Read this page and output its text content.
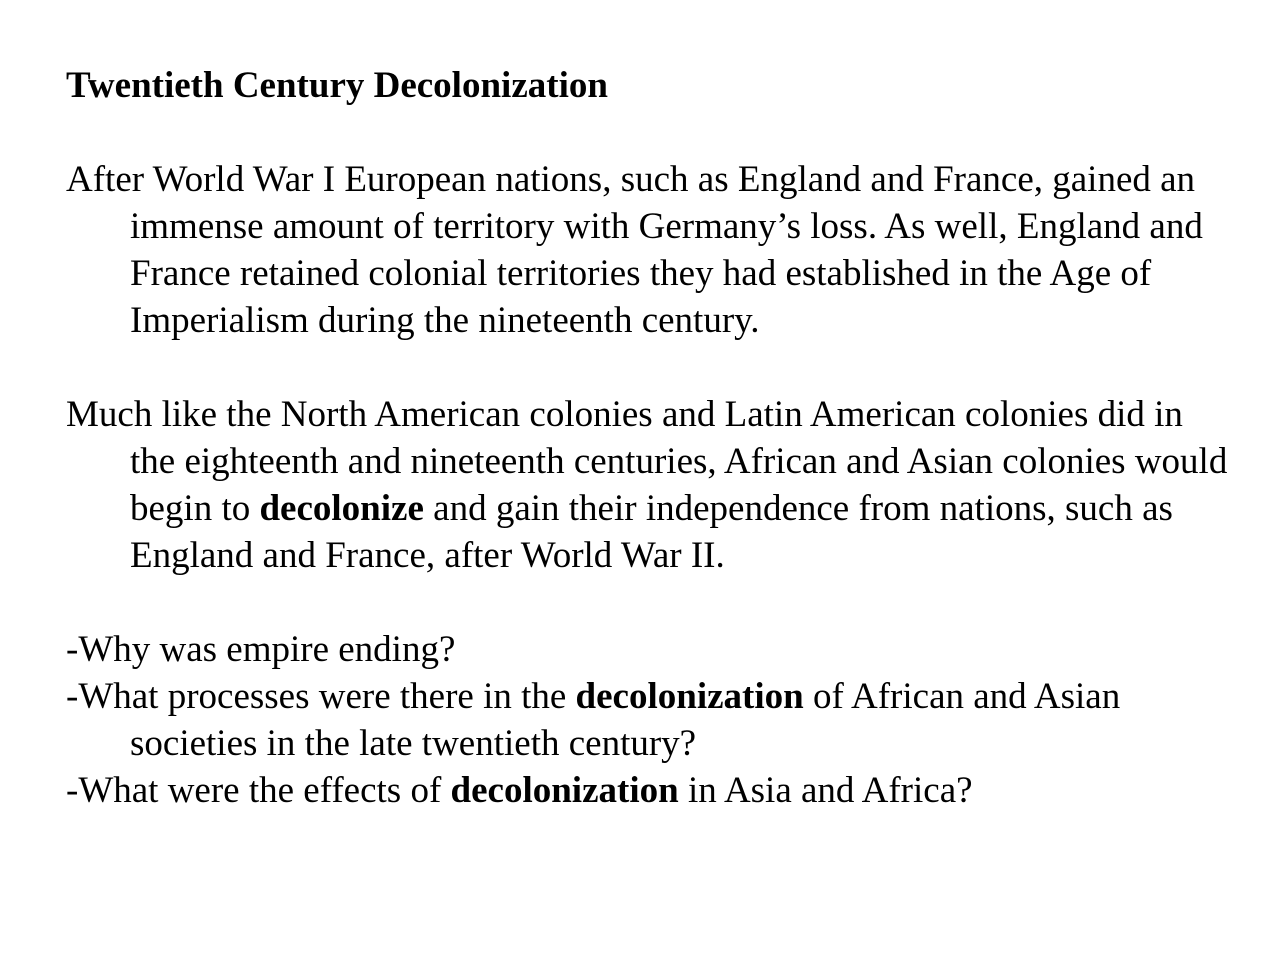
Twentieth Century Decolonization

After World War I European nations, such as England and France, gained an immense amount of territory with Germany’s loss. As well, England and France retained colonial territories they had established in the Age of Imperialism during the nineteenth century.

Much like the North American colonies and Latin American colonies did in the eighteenth and nineteenth centuries, African and Asian colonies would begin to decolonize and gain their independence from nations, such as England and France, after World War II.

-Why was empire ending?

-What processes were there in the decolonization of African and Asian societies in the late twentieth century?

-What were the effects of decolonization in Asia and Africa?
